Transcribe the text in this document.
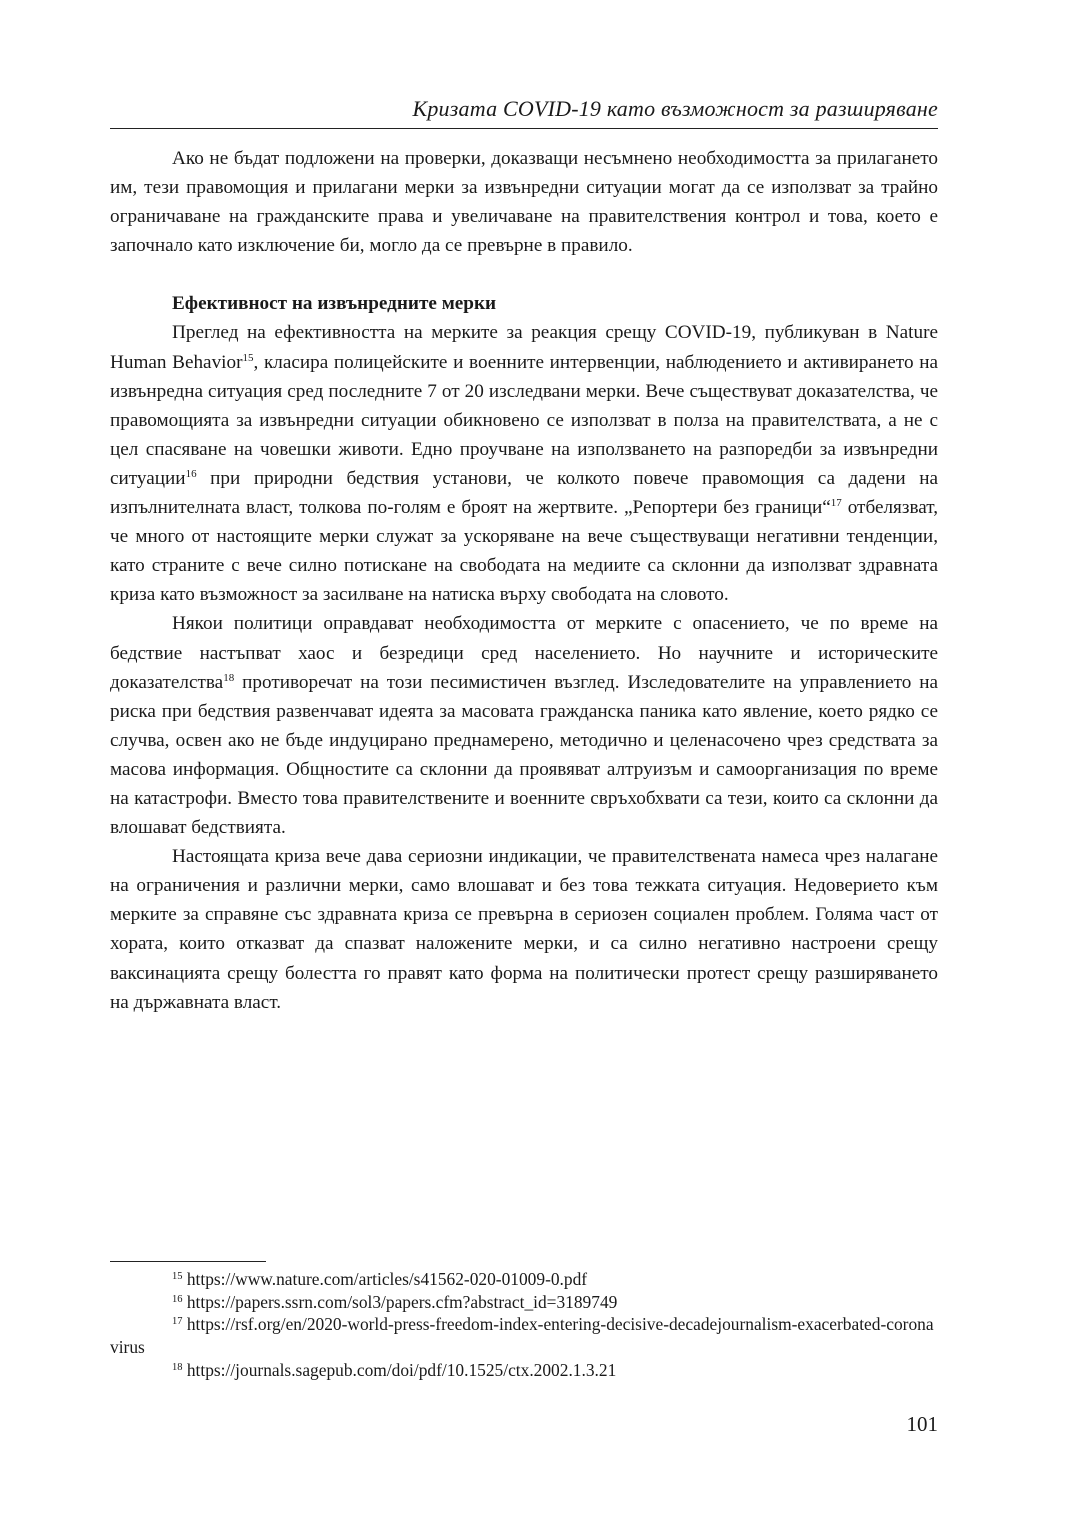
Кризата COVID-19 като възможност за разширяване

Ако не бъдат подложени на проверки, доказващи несъмнено необходимостта за прилагането им, тези правомощия и прилагани мерки за извънредни ситуации могат да се използват за трайно ограничаване на гражданските права и увеличаване на правителствения контрол и това, което е започнало като изключение би, могло да се превърне в правило.

Ефективност на извънредните мерки

Преглед на ефективността на мерките за реакция срещу COVID-19, публикуван в Nature Human Behavior$^{15}$, класира полицейските и военните интервенции, наблюдението и активирането на извънредна ситуация сред последните 7 от 20 изследвани мерки. Вече съществуват доказателства, че правомощията за извънредни ситуации обикновено се използват в полза на правителствата, а не с цел спасяване на човешки животи. Едно проучване на използването на разпоредби за извънредни ситуации$^{16}$ при природни бедствия установи, че колкото повече правомощия са дадени на изпълнителната власт, толкова по-голям е броят на жертвите. „Репортери без граници“$^{17}$ отбелязват, че много от настоящите мерки служат за ускоряване на вече съществуващи негативни тенденции, като страните с вече силно потискане на свободата на медиите са склонни да използват здравната криза като възможност за засилване на натиска върху свободата на словото.

Някои политици оправдават необходимостта от мерките с опасението, че по време на бедствие настъпват хаос и безредици сред населението. Но научните и историческите доказателства$^{18}$ противоречат на този песимистичен възглед. Изследователите на управлението на риска при бедствия развенчават идеята за масовата гражданска паника като явление, което рядко се случва, освен ако не бъде индуцирано преднамерено, методично и целенасочено чрез средствата за масова информация. Общностите са склонни да проявяват алтруизъм и самоорганизация по време на катастрофи. Вместо това правителствените и военните свръхобхвати са тези, които са склонни да влошават бедствията.

Настоящата криза вече дава сериозни индикации, че правителствената намеса чрез налагане на ограничения и различни мерки, само влошават и без това тежката ситуация. Недоверието към мерките за справяне със здравната криза се превърна в сериозен социален проблем. Голяма част от хората, които отказват да спазват наложените мерки, и са силно негативно настроени срещу ваксинацията срещу болестта го правят като форма на политически протест срещу разширяването на държавната власт.

$^{15}$ https://www.nature.com/articles/s41562-020-01009-0.pdf

$^{16}$ https://papers.ssrn.com/sol3/papers.cfm?abstract_id=3189749

$^{17}$ https://rsf.org/en/2020-world-press-freedom-index-entering-decisive-decadejournalism-exacerbated-coronavirus

$^{18}$ https://journals.sagepub.com/doi/pdf/10.1525/ctx.2002.1.3.21

101
